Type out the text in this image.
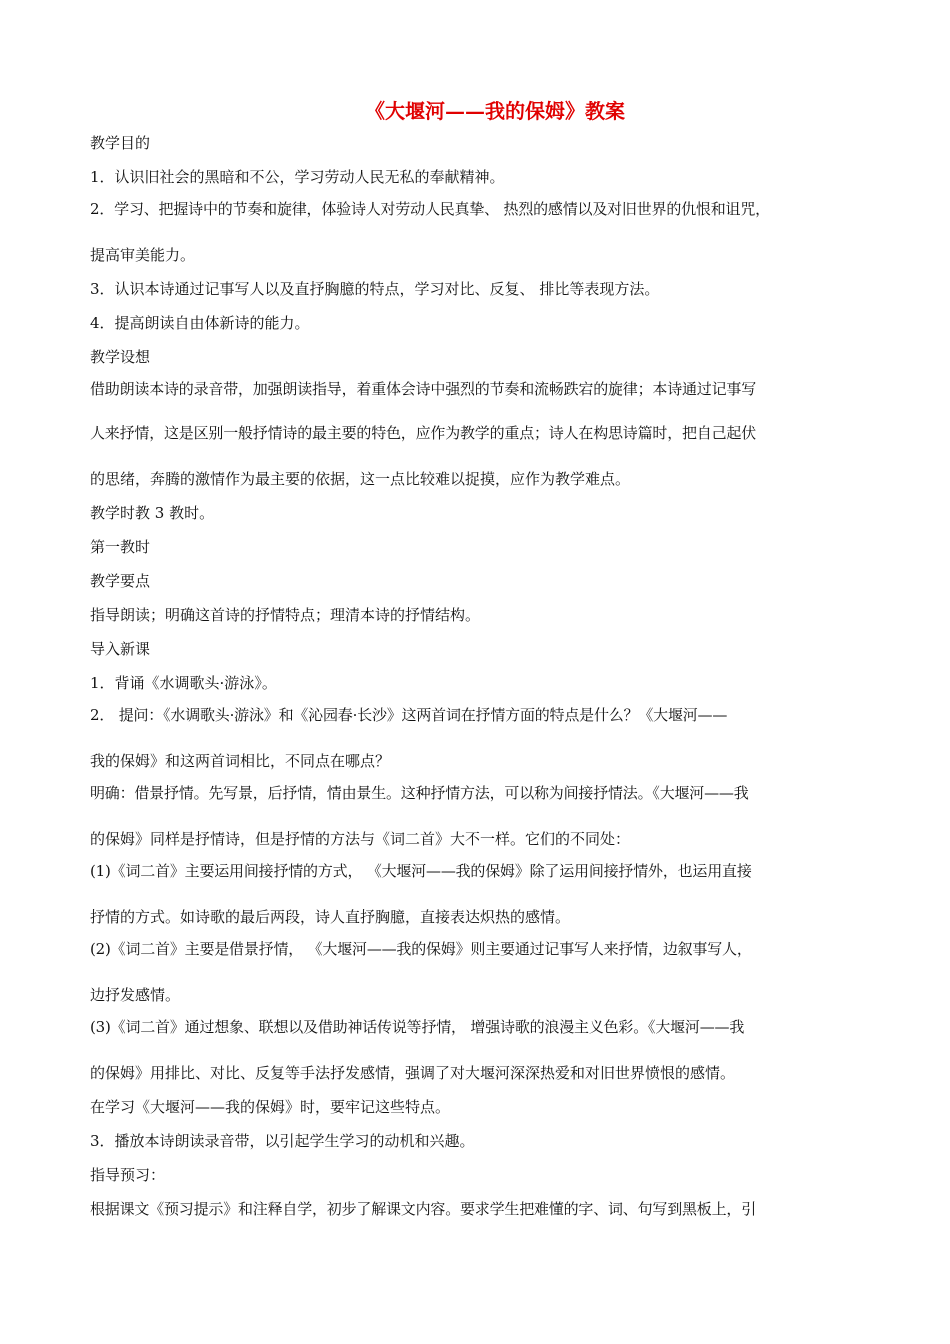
《大堰河——我的保姆》教案

教学目的

1．认识旧社会的黑暗和不公，学习劳动人民无私的奉献精神。

2．学习、把握诗中的节奏和旋律，体验诗人对劳动人民真挚、 热烈的感情以及对旧世界的仇恨和诅咒，

提高审美能力。

3．认识本诗通过记事写人以及直抒胸臆的特点，学习对比、反复、 排比等表现方法。

4．提高朗读自由体新诗的能力。

教学设想

借助朗读本诗的录音带，加强朗读指导，着重体会诗中强烈的节奏和流畅跌宕的旋律；本诗通过记事写

人来抒情，这是区别一般抒情诗的最主要的特色，应作为教学的重点；诗人在构思诗篇时，把自己起伏

的思绪，奔腾的激情作为最主要的依据，这一点比较难以捉摸，应作为教学难点。

教学时教 3 教时。

第一教时

教学要点

指导朗读；明确这首诗的抒情特点；理清本诗的抒情结构。

导入新课

1．背诵《水调歌头·游泳》。

2． 提问：《水调歌头·游泳》和《沁园春·长沙》这两首词在抒情方面的特点是什么？《大堰河——

我的保姆》和这两首词相比，不同点在哪点？

明确：借景抒情。先写景，后抒情，情由景生。这种抒情方法，可以称为间接抒情法。《大堰河——我

的保姆》同样是抒情诗，但是抒情的方法与《词二首》大不一样。它们的不同处：

(1)《词二首》主要运用间接抒情的方式， 《大堰河——我的保姆》除了运用间接抒情外，也运用直接

抒情的方式。如诗歌的最后两段，诗人直抒胸臆，直接表达炽热的感情。

(2)《词二首》主要是借景抒情， 《大堰河——我的保姆》则主要通过记事写人来抒情，边叙事写人，

边抒发感情。

(3)《词二首》通过想象、联想以及借助神话传说等抒情， 增强诗歌的浪漫主义色彩。《大堰河——我

的保姆》用排比、对比、反复等手法抒发感情，强调了对大堰河深深热爱和对旧世界愤恨的感情。

在学习《大堰河——我的保姆》时，要牢记这些特点。

3．播放本诗朗读录音带，以引起学生学习的动机和兴趣。

指导预习：

根据课文《预习提示》和注释自学，初步了解课文内容。要求学生把难懂的字、词、句写到黑板上，引
